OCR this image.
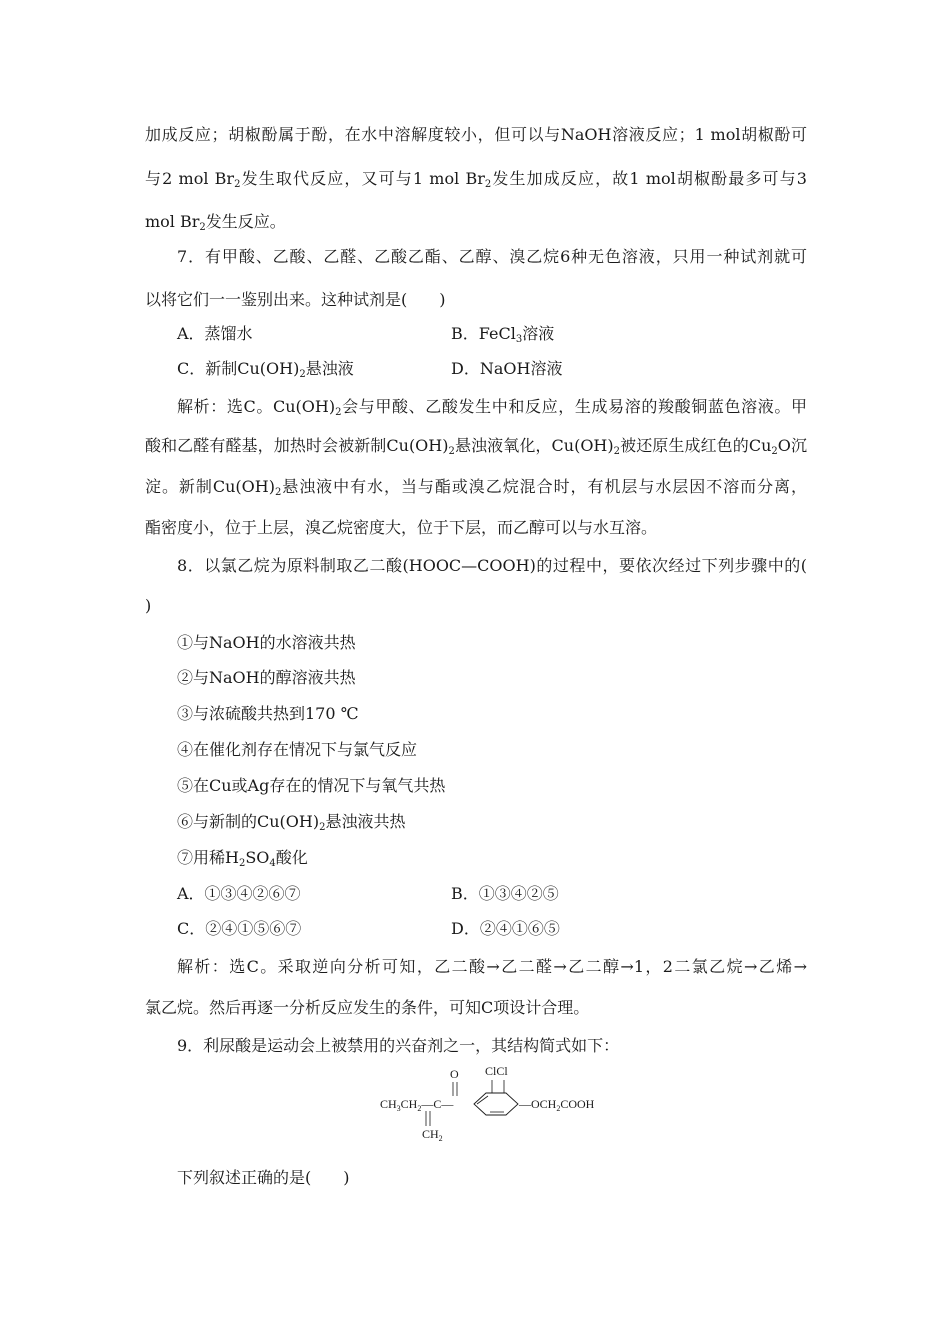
加成反应；胡椒酚属于酚，在水中溶解度较小，但可以与NaOH溶液反应；1 mol胡椒酚可
与2 mol $Br_2$发生取代反应，又可与1 mol $Br_2$发生加成反应，故1 mol胡椒酚最多可与3
mol $Br_2$发生反应。
7．有甲酸、乙酸、乙醛、乙酸乙酯、乙醇、溴乙烷6种无色溶液，只用一种试剂就可
以将它们一一鉴别出来。这种试剂是(　　)
A．蒸馏水	B．FeCl$_3$溶液
C．新制$Cu(OH)_2$悬浊液	D．NaOH溶液
解析：选C。$Cu(OH)_2$会与甲酸、乙酸发生中和反应，生成易溶的羧酸铜蓝色溶液。甲
酸和乙醛有醛基，加热时会被新制$Cu(OH)_2$悬浊液氧化，$Cu(OH)_2$被还原生成红色的$Cu_2O$沉
淀。新制$Cu(OH)_2$悬浊液中有水，当与酯或溴乙烷混合时，有机层与水层因不溶而分离，
酯密度小，位于上层，溴乙烷密度大，位于下层，而乙醇可以与水互溶。
8．以氯乙烷为原料制取乙二酸(HOOC—COOH)的过程中，要依次经过下列步骤中的(
)
①与NaOH的水溶液共热
②与NaOH的醇溶液共热
③与浓硫酸共热到170 ℃
④在催化剂存在情况下与氯气反应
⑤在Cu或Ag存在的情况下与氧气共热
⑥与新制的$Cu(OH)_2$悬浊液共热
⑦用稀$H_2SO_4$酸化
A．①③④②⑥⑦	B．①③④②⑤
C．②④①⑤⑥⑦	D．②④①⑥⑤
解析：选C。采取逆向分析可知，乙二酸→乙二醛→乙二醇→1，2二氯乙烷→乙烯→
氯乙烷。然后再逐一分析反应发生的条件，可知C项设计合理。
9．利尿酸是运动会上被禁用的兴奋剂之一，其结构简式如下：
$CH_3CH_2—C—$
O
$CH_2$
ClCl
$—OCH_2COOH$
下列叙述正确的是(　　)
